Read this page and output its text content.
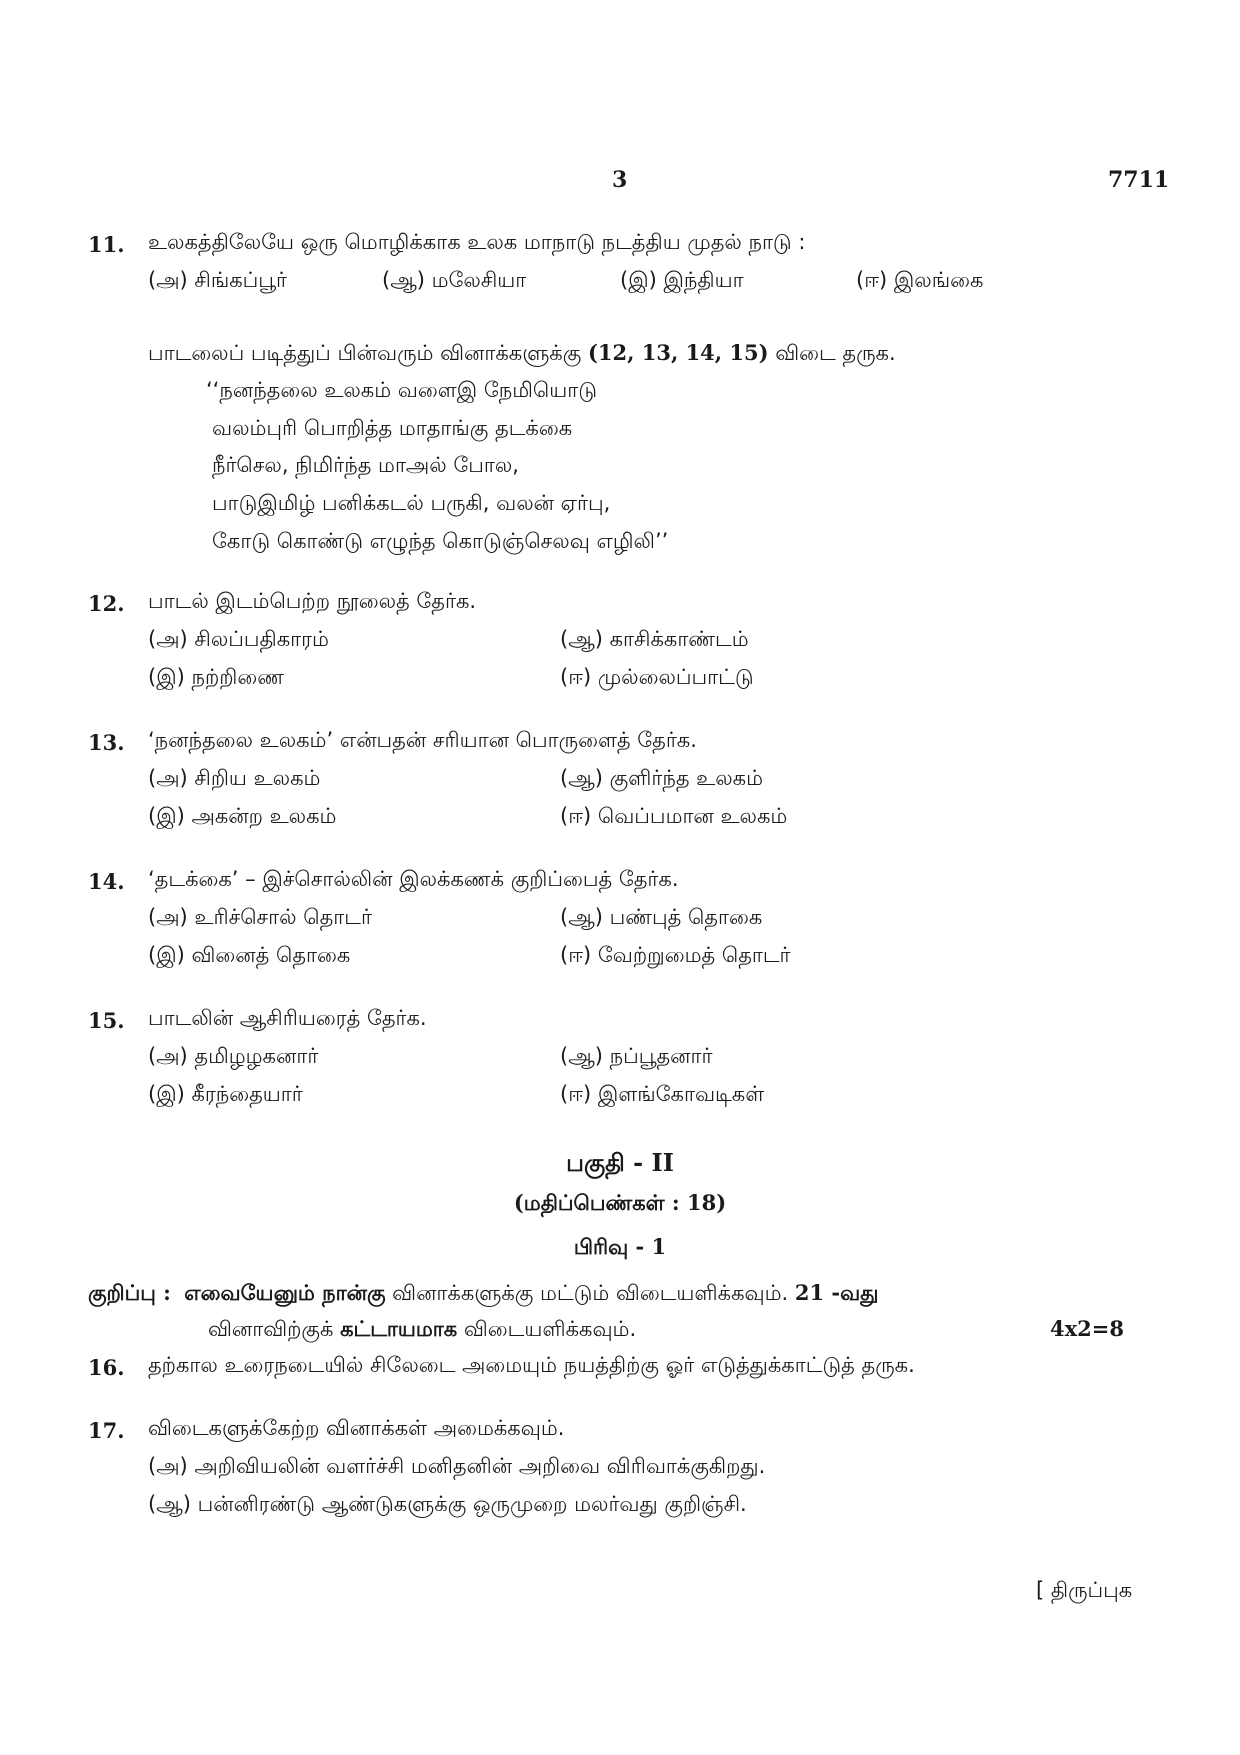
3	7711
11. உலகத்திலேயே ஒரு மொழிக்காக உலக மாநாடு நடத்திய முதல் நாடு :
(அ) சிங்கப்பூர்	(ஆ) மலேசியா	(இ) இந்தியா	(ஈ) இலங்கை
பாடலைப் படித்துப் பின்வரும் வினாக்களுக்கு (12, 13, 14, 15) விடை தருக.
‘‘நனந்தலை உலகம் வளைஇ நேமியொடு
வலம்புரி பொறித்த மாதாங்கு தடக்கை
நீர்செல, நிமிர்ந்த மாஅல் போல,
பாடுஇமிழ் பனிக்கடல் பருகி, வலன் ஏர்பு,
கோடு கொண்டு எழுந்த கொடுஞ்செலவு எழிலி’’
12. பாடல் இடம்பெற்ற நூலைத் தேர்க.
(அ) சிலப்பதிகாரம்	(ஆ) காசிக்காண்டம்
(இ) நற்றிணை	(ஈ) முல்லைப்பாட்டு
13. ‘நனந்தலை உலகம்’ என்பதன் சரியான பொருளைத் தேர்க.
(அ) சிறிய உலகம்	(ஆ) குளிர்ந்த உலகம்
(இ) அகன்ற உலகம்	(ஈ) வெப்பமான உலகம்
14. ‘தடக்கை’ – இச்சொல்லின் இலக்கணக் குறிப்பைத் தேர்க.
(அ) உரிச்சொல் தொடர்	(ஆ) பண்புத் தொகை
(இ) வினைத் தொகை	(ஈ) வேற்றுமைத் தொடர்
15. பாடலின் ஆசிரியரைத் தேர்க.
(அ) தமிழழகனார்	(ஆ) நப்பூதனார்
(இ) கீரந்தையார்	(ஈ) இளங்கோவடிகள்
பகுதி - II
(மதிப்பெண்கள் : 18)
பிரிவு - 1
குறிப்பு : எவையேனும் நான்கு வினாக்களுக்கு மட்டும் விடையளிக்கவும். 21 -வது
வினாவிற்குக் கட்டாயமாக விடையளிக்கவும்.	4x2=8
16. தற்கால உரைநடையில் சிலேடை அமையும் நயத்திற்கு ஓர் எடுத்துக்காட்டுத் தருக.
17. விடைகளுக்கேற்ற வினாக்கள் அமைக்கவும்.
(அ) அறிவியலின் வளர்ச்சி மனிதனின் அறிவை விரிவாக்குகிறது.
(ஆ) பன்னிரண்டு ஆண்டுகளுக்கு ஒருமுறை மலர்வது குறிஞ்சி.
[ திருப்புக
